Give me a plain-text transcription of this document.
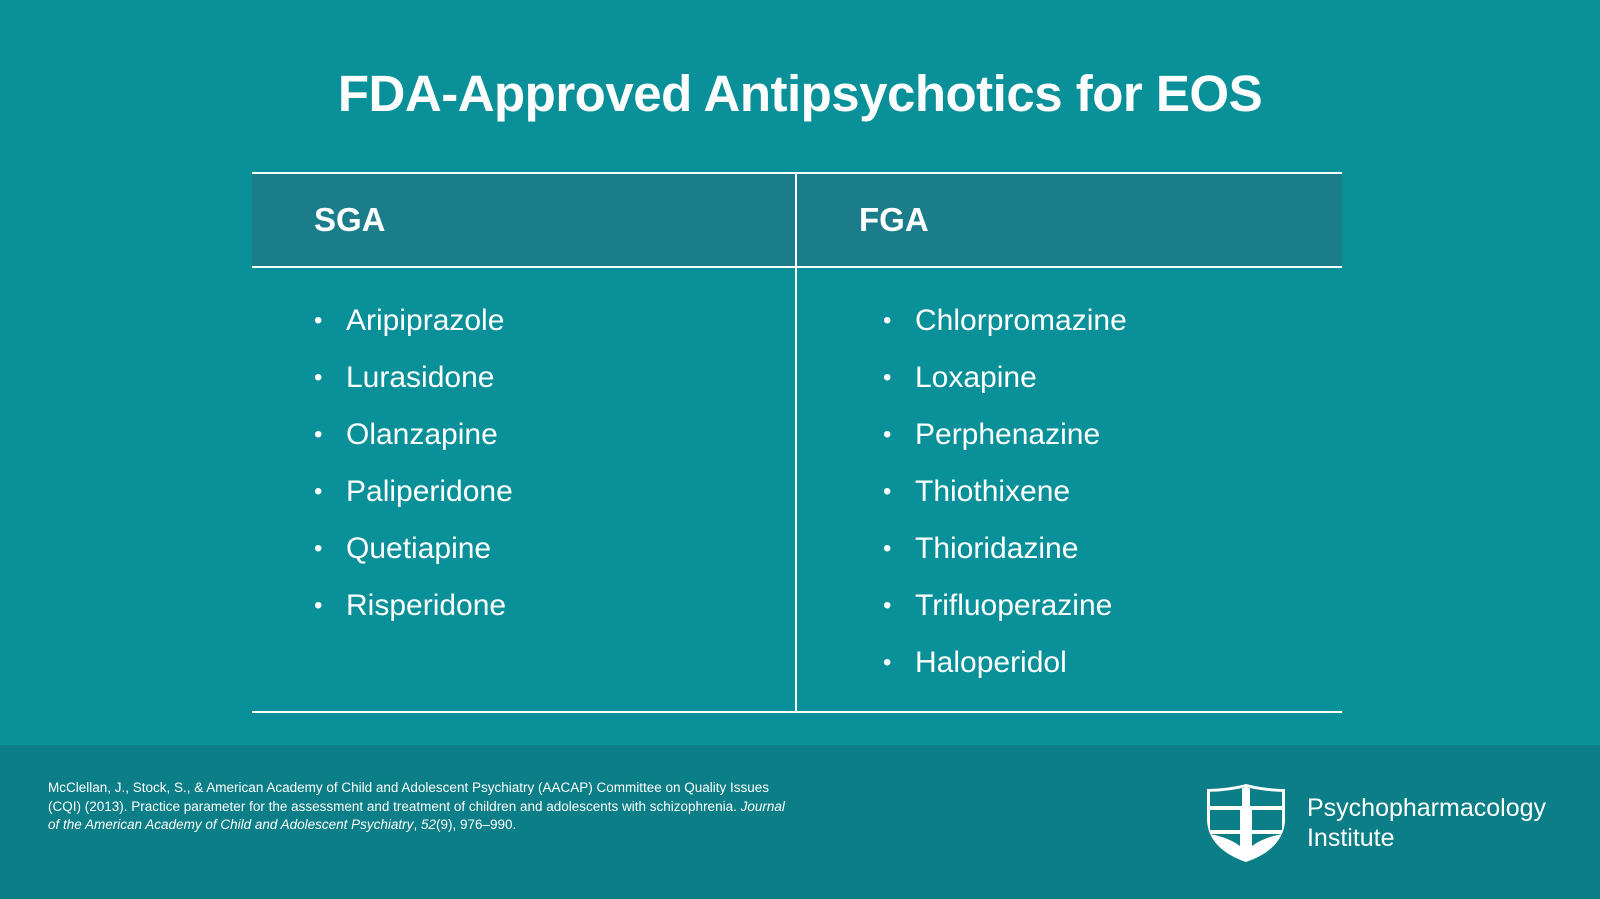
FDA-Approved Antipsychotics for EOS
SGA	FGA
• Aripiprazole
• Lurasidone
• Olanzapine
• Paliperidone
• Quetiapine
• Risperidone
• Chlorpromazine
• Loxapine
• Perphenazine
• Thiothixene
• Thioridazine
• Trifluoperazine
• Haloperidol
McClellan, J., Stock, S., & American Academy of Child and Adolescent Psychiatry (AACAP) Committee on Quality Issues (CQI) (2013). Practice parameter for the assessment and treatment of children and adolescents with schizophrenia. Journal of the American Academy of Child and Adolescent Psychiatry, 52(9), 976–990.
Psychopharmacology
Institute
